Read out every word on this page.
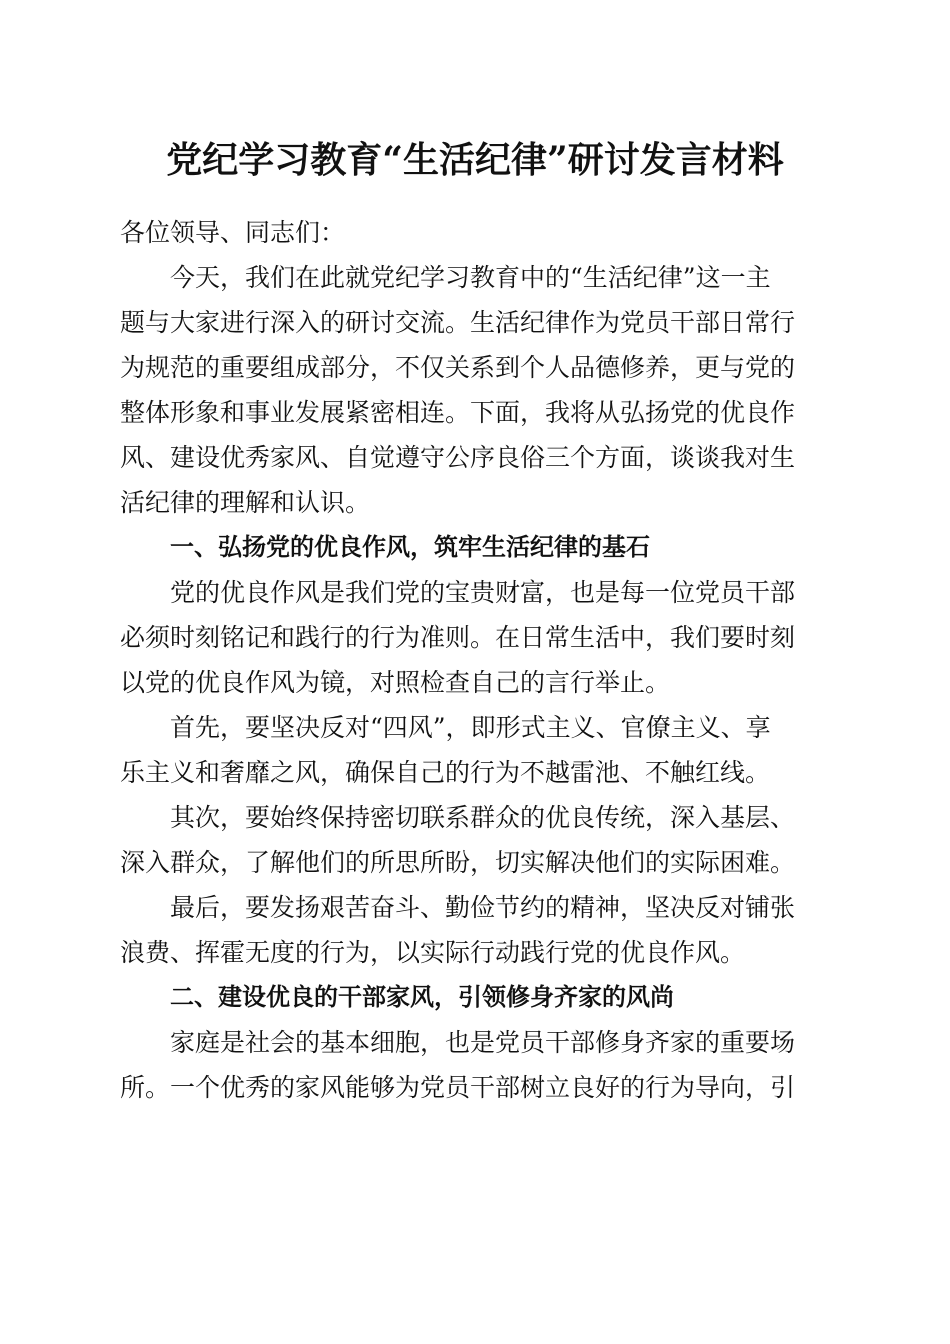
党纪学习教育“生活纪律”研讨发言材料
各位领导、同志们：
今天，我们在此就党纪学习教育中的“生活纪律”这一主
题与大家进行深入的研讨交流。生活纪律作为党员干部日常行
为规范的重要组成部分，不仅关系到个人品德修养，更与党的
整体形象和事业发展紧密相连。下面，我将从弘扬党的优良作
风、建设优秀家风、自觉遵守公序良俗三个方面，谈谈我对生
活纪律的理解和认识。
一、弘扬党的优良作风，筑牢生活纪律的基石
党的优良作风是我们党的宝贵财富，也是每一位党员干部
必须时刻铭记和践行的行为准则。在日常生活中，我们要时刻
以党的优良作风为镜，对照检查自己的言行举止。
首先，要坚决反对“四风”，即形式主义、官僚主义、享
乐主义和奢靡之风，确保自己的行为不越雷池、不触红线。
其次，要始终保持密切联系群众的优良传统，深入基层、
深入群众，了解他们的所思所盼，切实解决他们的实际困难。
最后，要发扬艰苦奋斗、勤俭节约的精神，坚决反对铺张
浪费、挥霍无度的行为，以实际行动践行党的优良作风。
二、建设优良的干部家风，引领修身齐家的风尚
家庭是社会的基本细胞，也是党员干部修身齐家的重要场
所。一个优秀的家风能够为党员干部树立良好的行为导向，引
